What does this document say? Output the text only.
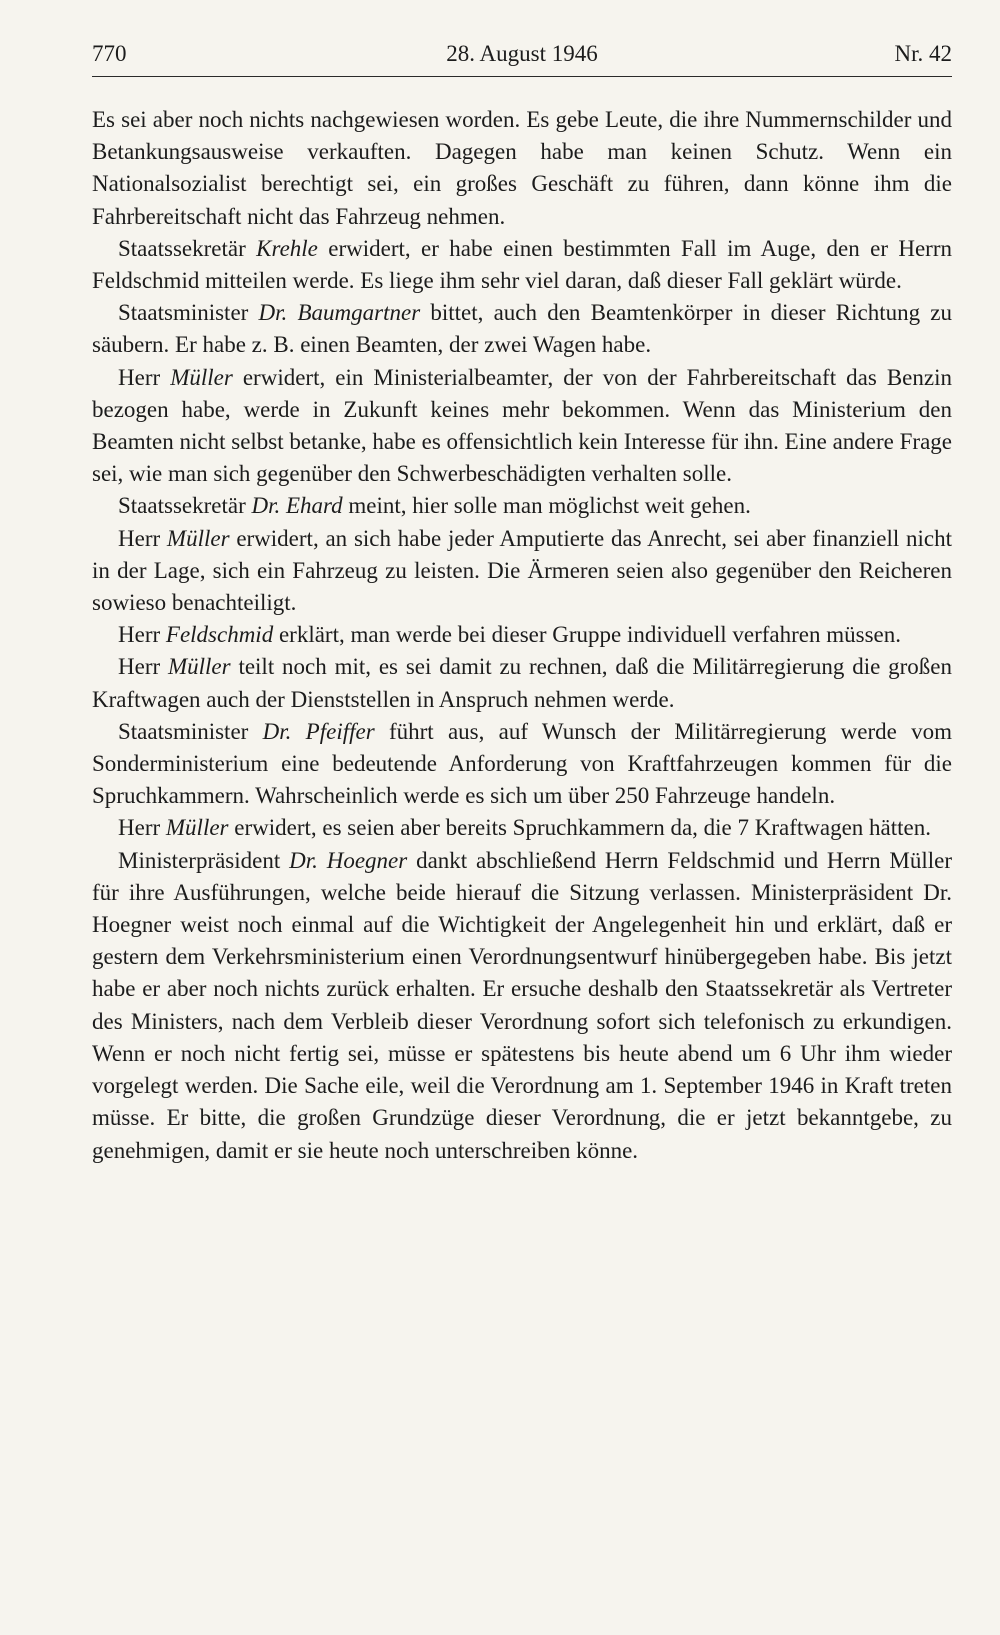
770	28. August 1946	Nr. 42

Es sei aber noch nichts nachgewiesen worden. Es gebe Leute, die ihre Nummernschilder und Betankungsausweise verkauften. Dagegen habe man keinen Schutz. Wenn ein Nationalsozialist berechtigt sei, ein großes Geschäft zu führen, dann könne ihm die Fahrbereitschaft nicht das Fahrzeug nehmen.

Staatssekretär Krehle erwidert, er habe einen bestimmten Fall im Auge, den er Herrn Feldschmid mitteilen werde. Es liege ihm sehr viel daran, daß dieser Fall geklärt würde.

Staatsminister Dr. Baumgartner bittet, auch den Beamtenkörper in dieser Richtung zu säubern. Er habe z. B. einen Beamten, der zwei Wagen habe.

Herr Müller erwidert, ein Ministerialbeamter, der von der Fahrbereitschaft das Benzin bezogen habe, werde in Zukunft keines mehr bekommen. Wenn das Ministerium den Beamten nicht selbst betanke, habe es offensichtlich kein Interesse für ihn. Eine andere Frage sei, wie man sich gegenüber den Schwerbeschädigten verhalten solle.

Staatssekretär Dr. Ehard meint, hier solle man möglichst weit gehen.

Herr Müller erwidert, an sich habe jeder Amputierte das Anrecht, sei aber finanziell nicht in der Lage, sich ein Fahrzeug zu leisten. Die Ärmeren seien also gegenüber den Reicheren sowieso benachteiligt.

Herr Feldschmid erklärt, man werde bei dieser Gruppe individuell verfahren müssen.

Herr Müller teilt noch mit, es sei damit zu rechnen, daß die Militärregierung die großen Kraftwagen auch der Dienststellen in Anspruch nehmen werde.

Staatsminister Dr. Pfeiffer führt aus, auf Wunsch der Militärregierung werde vom Sonderministerium eine bedeutende Anforderung von Kraftfahrzeugen kommen für die Spruchkammern. Wahrscheinlich werde es sich um über 250 Fahrzeuge handeln.

Herr Müller erwidert, es seien aber bereits Spruchkammern da, die 7 Kraftwagen hätten.

Ministerpräsident Dr. Hoegner dankt abschließend Herrn Feldschmid und Herrn Müller für ihre Ausführungen, welche beide hierauf die Sitzung verlassen. Ministerpräsident Dr. Hoegner weist noch einmal auf die Wichtigkeit der Angelegenheit hin und erklärt, daß er gestern dem Verkehrsministerium einen Verordnungsentwurf hinübergegeben habe. Bis jetzt habe er aber noch nichts zurück erhalten. Er ersuche deshalb den Staatssekretär als Vertreter des Ministers, nach dem Verbleib dieser Verordnung sofort sich telefonisch zu erkundigen. Wenn er noch nicht fertig sei, müsse er spätestens bis heute abend um 6 Uhr ihm wieder vorgelegt werden. Die Sache eile, weil die Verordnung am 1. September 1946 in Kraft treten müsse. Er bitte, die großen Grundzüge dieser Verordnung, die er jetzt bekanntgebe, zu genehmigen, damit er sie heute noch unterschreiben könne.
